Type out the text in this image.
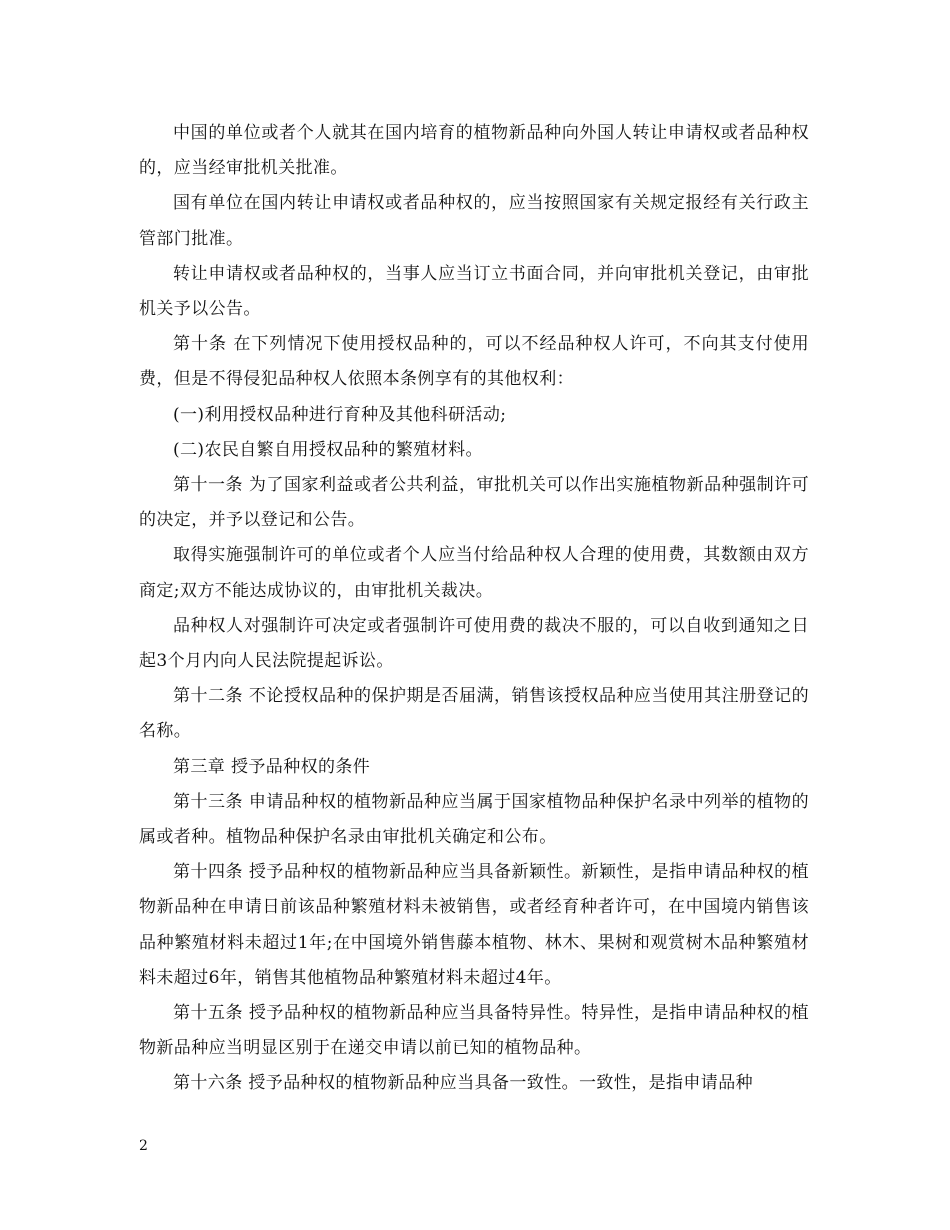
中国的单位或者个人就其在国内培育的植物新品种向外国人转让申请权或者品种权的，应当经审批机关批准。

国有单位在国内转让申请权或者品种权的，应当按照国家有关规定报经有关行政主管部门批准。

转让申请权或者品种权的，当事人应当订立书面合同，并向审批机关登记，由审批机关予以公告。

第十条 在下列情况下使用授权品种的，可以不经品种权人许可，不向其支付使用费，但是不得侵犯品种权人依照本条例享有的其他权利：

(一)利用授权品种进行育种及其他科研活动;

(二)农民自繁自用授权品种的繁殖材料。

第十一条 为了国家利益或者公共利益，审批机关可以作出实施植物新品种强制许可的决定，并予以登记和公告。

取得实施强制许可的单位或者个人应当付给品种权人合理的使用费，其数额由双方商定;双方不能达成协议的，由审批机关裁决。

品种权人对强制许可决定或者强制许可使用费的裁决不服的，可以自收到通知之日起3个月内向人民法院提起诉讼。

第十二条 不论授权品种的保护期是否届满，销售该授权品种应当使用其注册登记的名称。

第三章 授予品种权的条件

第十三条 申请品种权的植物新品种应当属于国家植物品种保护名录中列举的植物的属或者种。植物品种保护名录由审批机关确定和公布。

第十四条 授予品种权的植物新品种应当具备新颖性。新颖性，是指申请品种权的植物新品种在申请日前该品种繁殖材料未被销售，或者经育种者许可，在中国境内销售该品种繁殖材料未超过1年;在中国境外销售藤本植物、林木、果树和观赏树木品种繁殖材料未超过6年，销售其他植物品种繁殖材料未超过4年。

第十五条 授予品种权的植物新品种应当具备特异性。特异性，是指申请品种权的植物新品种应当明显区别于在递交申请以前已知的植物品种。

第十六条 授予品种权的植物新品种应当具备一致性。一致性，是指申请品种

2
